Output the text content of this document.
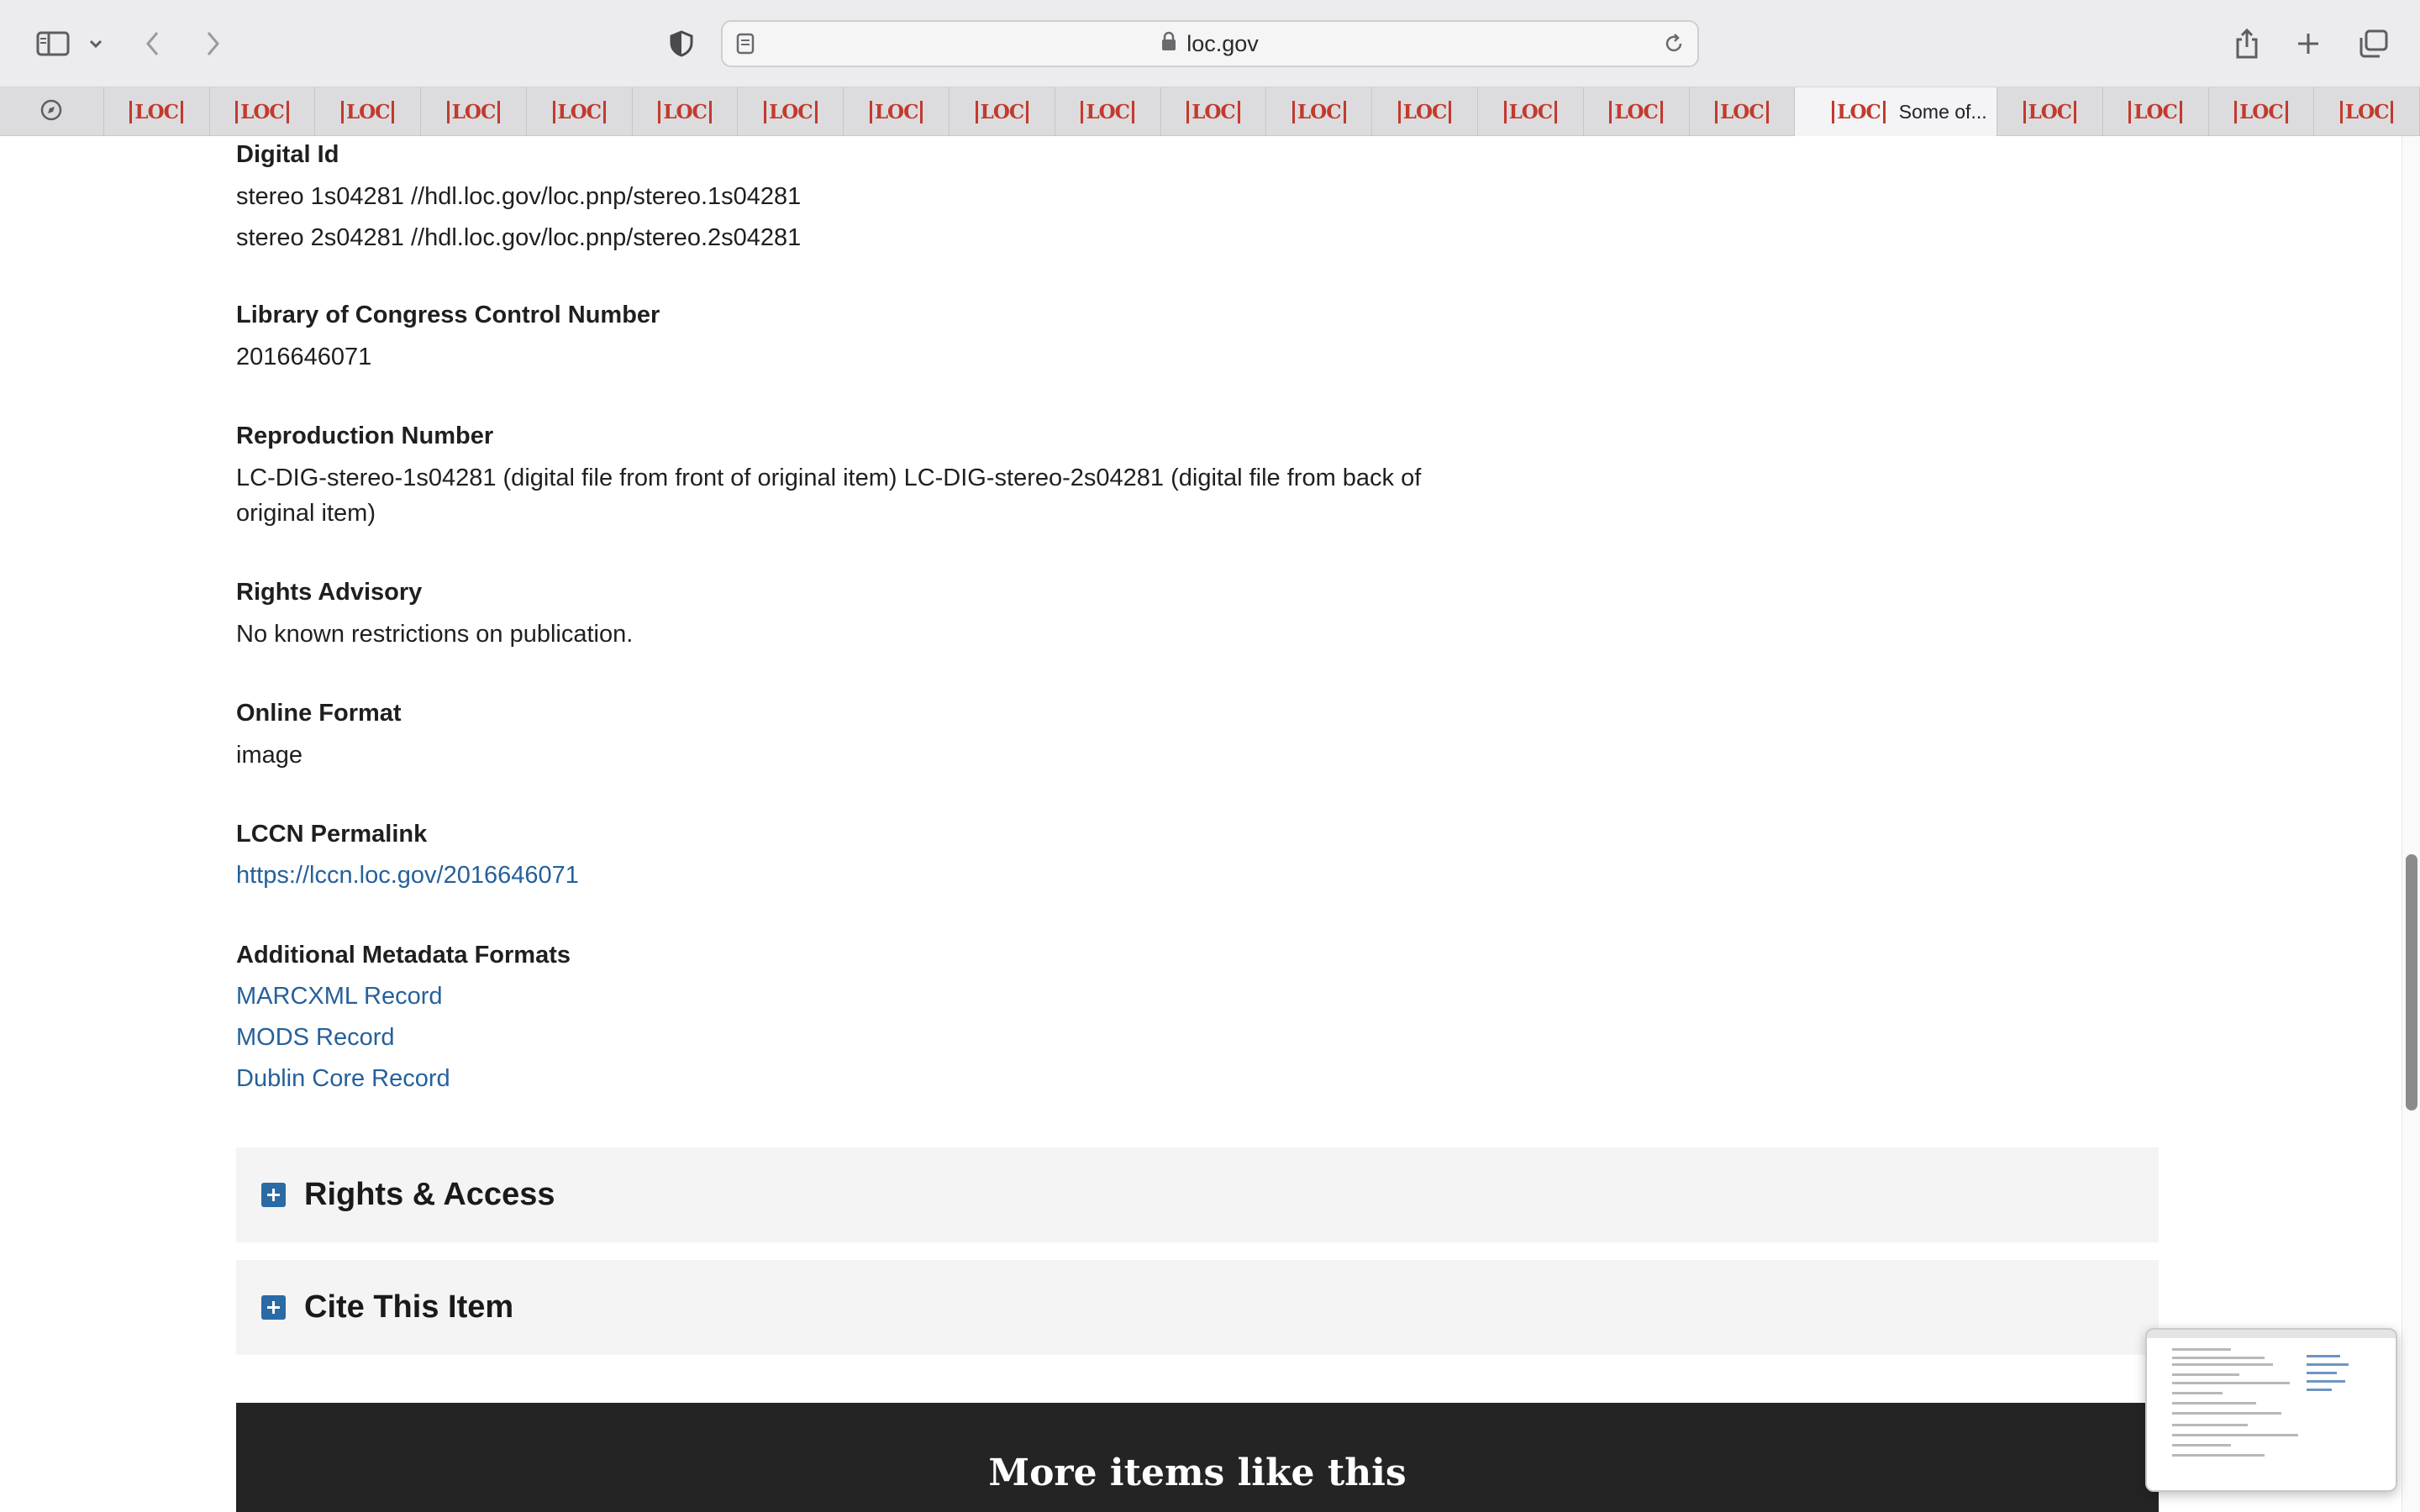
loc.gov
LOC	LOC	LOC	LOC	LOC	LOC	LOC	LOC	LOC	LOC	LOC	LOC	LOC	LOC	LOC	LOC	LOC Some of... LOC	LOC	LOC	LOC
Digital Id
stereo 1s04281 //hdl.loc.gov/loc.pnp/stereo.1s04281
stereo 2s04281 //hdl.loc.gov/loc.pnp/stereo.2s04281
Library of Congress Control Number
2016646071
Reproduction Number
LC-DIG-stereo-1s04281 (digital file from front of original item) LC-DIG-stereo-2s04281 (digital file from back of original item)
Rights Advisory
No known restrictions on publication.
Online Format
image
LCCN Permalink
https://lccn.loc.gov/2016646071
Additional Metadata Formats
MARCXML Record
MODS Record
Dublin Core Record
Rights & Access
Cite This Item
More items like this
